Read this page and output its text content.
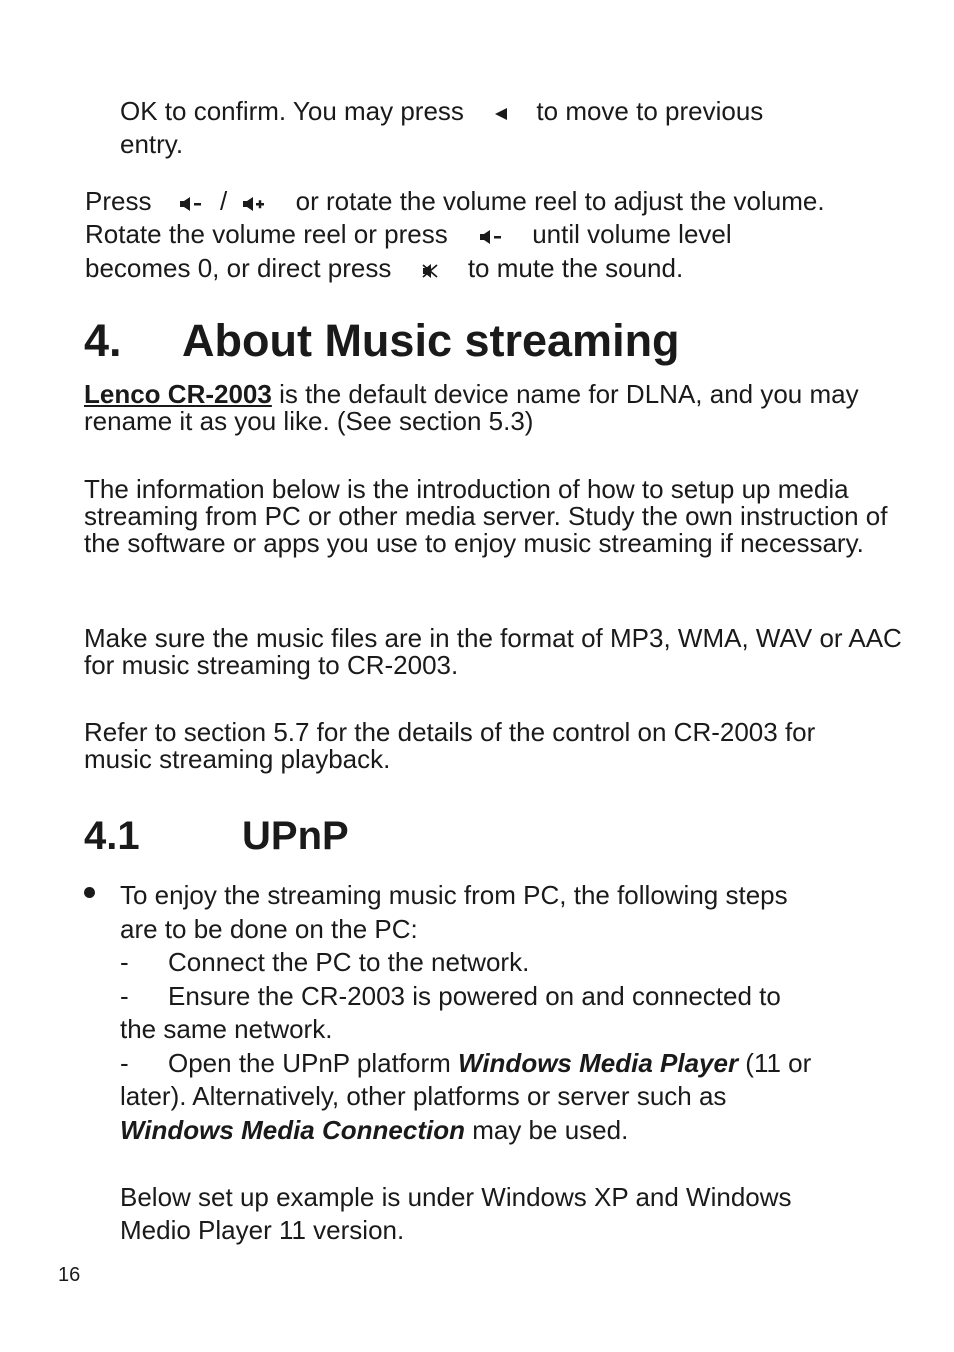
OK to confirm. You may press	to move to previous
entry.
Press	/	or rotate the volume reel to adjust the volume.
Rotate the volume reel or press	until volume level
becomes 0, or direct press	to mute the sound.
4. About Music streaming
Lenco CR-2003 is the default device name for DLNA, and you may rename it as you like. (See section 5.3)
The information below is the introduction of how to setup up media streaming from PC or other media server. Study the own instruction of the software or apps you use to enjoy music streaming if necessary.
Make sure the music files are in the format of MP3, WMA, WAV or AAC for music streaming to CR-2003.
Refer to section 5.7 for the details of the control on CR-2003 for music streaming playback.
4.1	UPnP
To enjoy the streaming music from PC, the following steps
are to be done on the PC:
- Connect the PC to the network.
- Ensure the CR-2003 is powered on and connected to
the same network.
- Open the UPnP platform Windows Media Player (11 or
later). Alternatively, other platforms or server such as
Windows Media Connection may be used.
Below set up example is under Windows XP and Windows
Medio Player 11 version.
16
